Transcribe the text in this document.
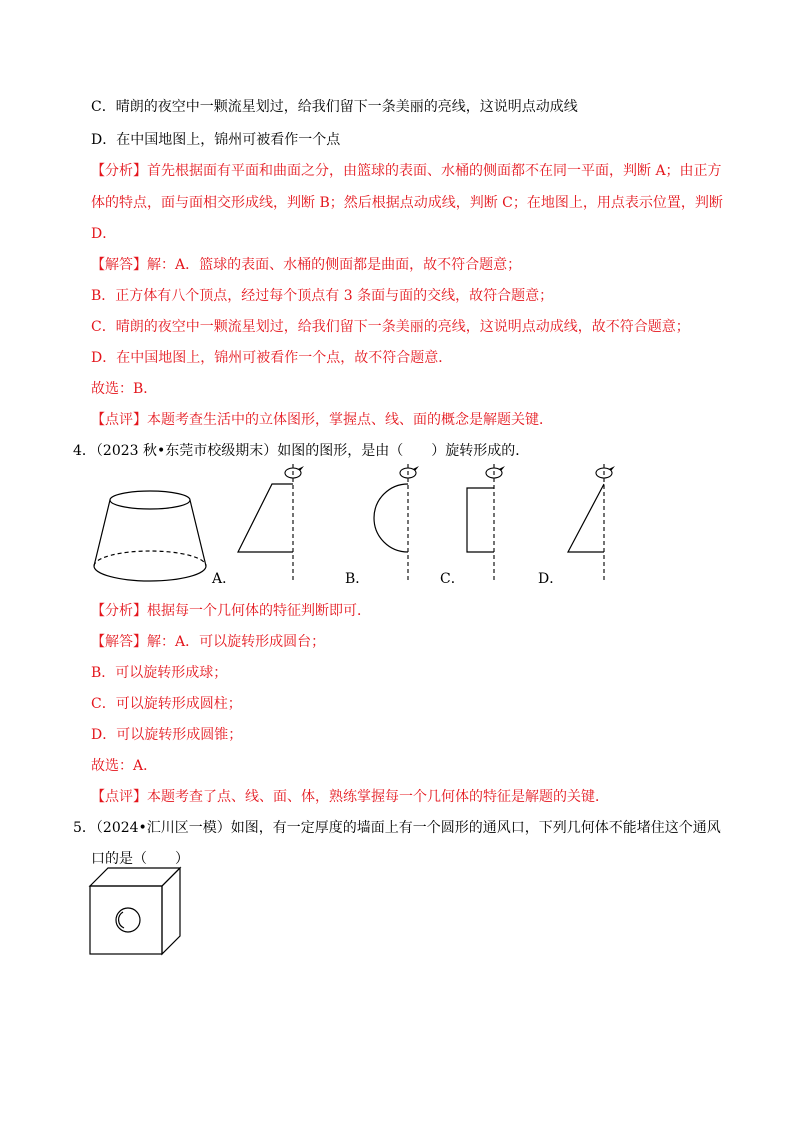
C．晴朗的夜空中一颗流星划过，给我们留下一条美丽的亮线，这说明点动成线
D．在中国地图上，锦州可被看作一个点
【分析】首先根据面有平面和曲面之分，由篮球的表面、水桶的侧面都不在同一平面，判断 A；由正方
体的特点，面与面相交形成线，判断 B；然后根据点动成线，判断 C；在地图上，用点表示位置，判断
D．
【解答】解：A．篮球的表面、水桶的侧面都是曲面，故不符合题意；
B．正方体有八个顶点，经过每个顶点有 3 条面与面的交线，故符合题意；
C．晴朗的夜空中一颗流星划过，给我们留下一条美丽的亮线，这说明点动成线，故不符合题意；
D．在中国地图上，锦州可被看作一个点，故不符合题意．
故选：B．
【点评】本题考查生活中的立体图形，掌握点、线、面的概念是解题关键．
4．（2023 秋•东莞市校级期末）如图的图形，是由（　　）旋转形成的．
A．	B．	C．	D．
【分析】根据每一个几何体的特征判断即可．
【解答】解：A．可以旋转形成圆台；
B．可以旋转形成球；
C．可以旋转形成圆柱；
D．可以旋转形成圆锥；
故选：A．
【点评】本题考查了点、线、面、体，熟练掌握每一个几何体的特征是解题的关键．
5．（2024•汇川区一模）如图，有一定厚度的墙面上有一个圆形的通风口，下列几何体不能堵住这个通风
口的是（　　）
